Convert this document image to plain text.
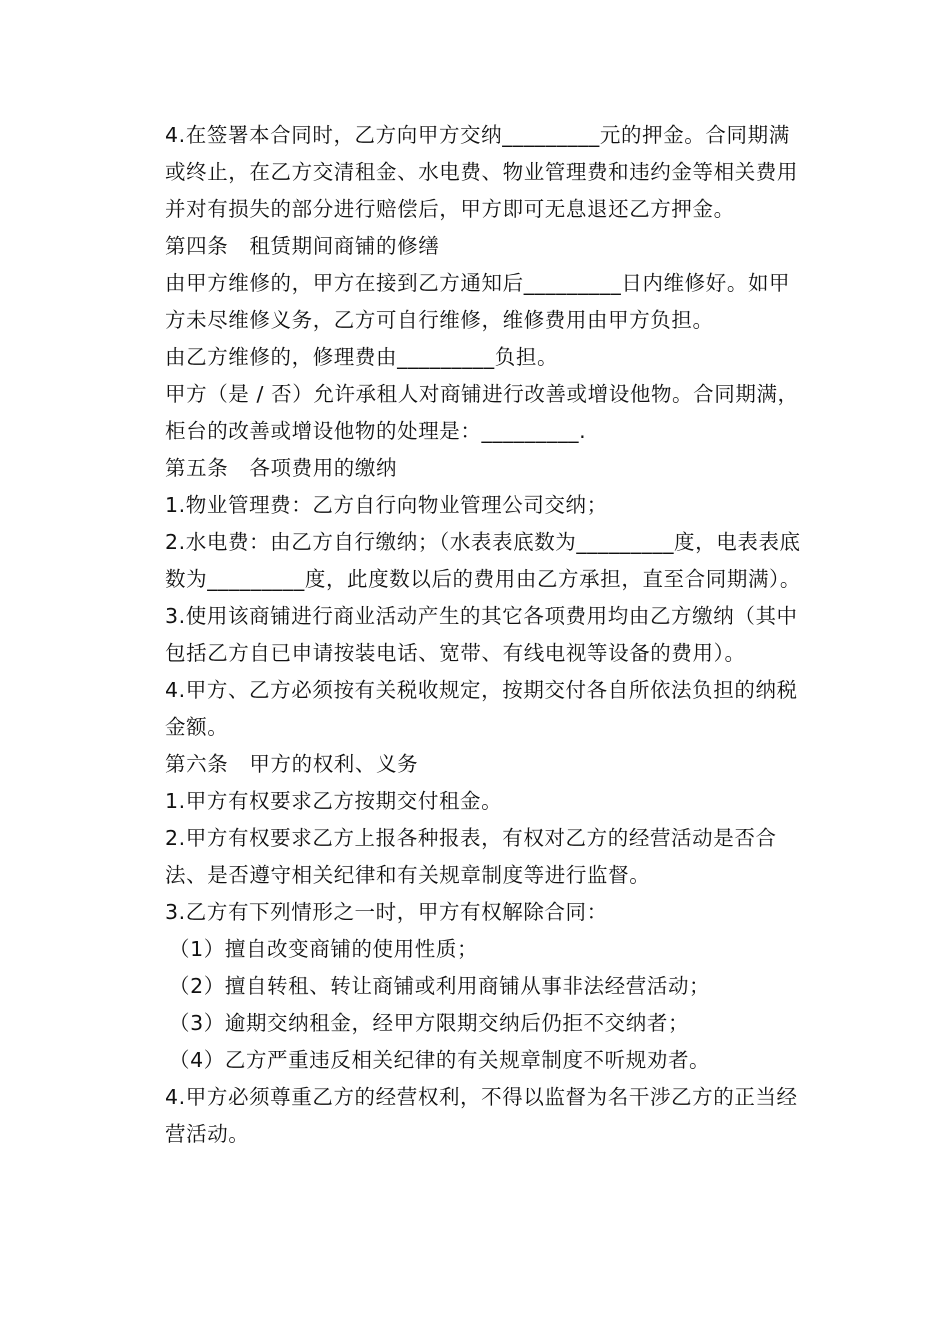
4.在签署本合同时，乙方向甲方交纳_________元的押金。合同期满或终止，在乙方交清租金、水电费、物业管理费和违约金等相关费用并对有损失的部分进行赔偿后，甲方即可无息退还乙方押金。

第四条　租赁期间商铺的修缮

由甲方维修的，甲方在接到乙方通知后_________日内维修好。如甲方未尽维修义务，乙方可自行维修，维修费用由甲方负担。

由乙方维修的，修理费由_________负担。

甲方（是 / 否）允许承租人对商铺进行改善或增设他物。合同期满，柜台的改善或增设他物的处理是：_________.

第五条　各项费用的缴纳

1.物业管理费：乙方自行向物业管理公司交纳；

2.水电费：由乙方自行缴纳；（水表表底数为_________度，电表表底数为_________度，此度数以后的费用由乙方承担，直至合同期满）。

3.使用该商铺进行商业活动产生的其它各项费用均由乙方缴纳（其中包括乙方自已申请按装电话、宽带、有线电视等设备的费用）。

4.甲方、乙方必须按有关税收规定，按期交付各自所依法负担的纳税金额。

第六条　甲方的权利、义务

1.甲方有权要求乙方按期交付租金。

2.甲方有权要求乙方上报各种报表，有权对乙方的经营活动是否合法、是否遵守相关纪律和有关规章制度等进行监督。

3.乙方有下列情形之一时，甲方有权解除合同：

（1）擅自改变商铺的使用性质；

（2）擅自转租、转让商铺或利用商铺从事非法经营活动；

（3）逾期交纳租金，经甲方限期交纳后仍拒不交纳者；

（4）乙方严重违反相关纪律的有关规章制度不听规劝者。

4.甲方必须尊重乙方的经营权利，不得以监督为名干涉乙方的正当经营活动。
